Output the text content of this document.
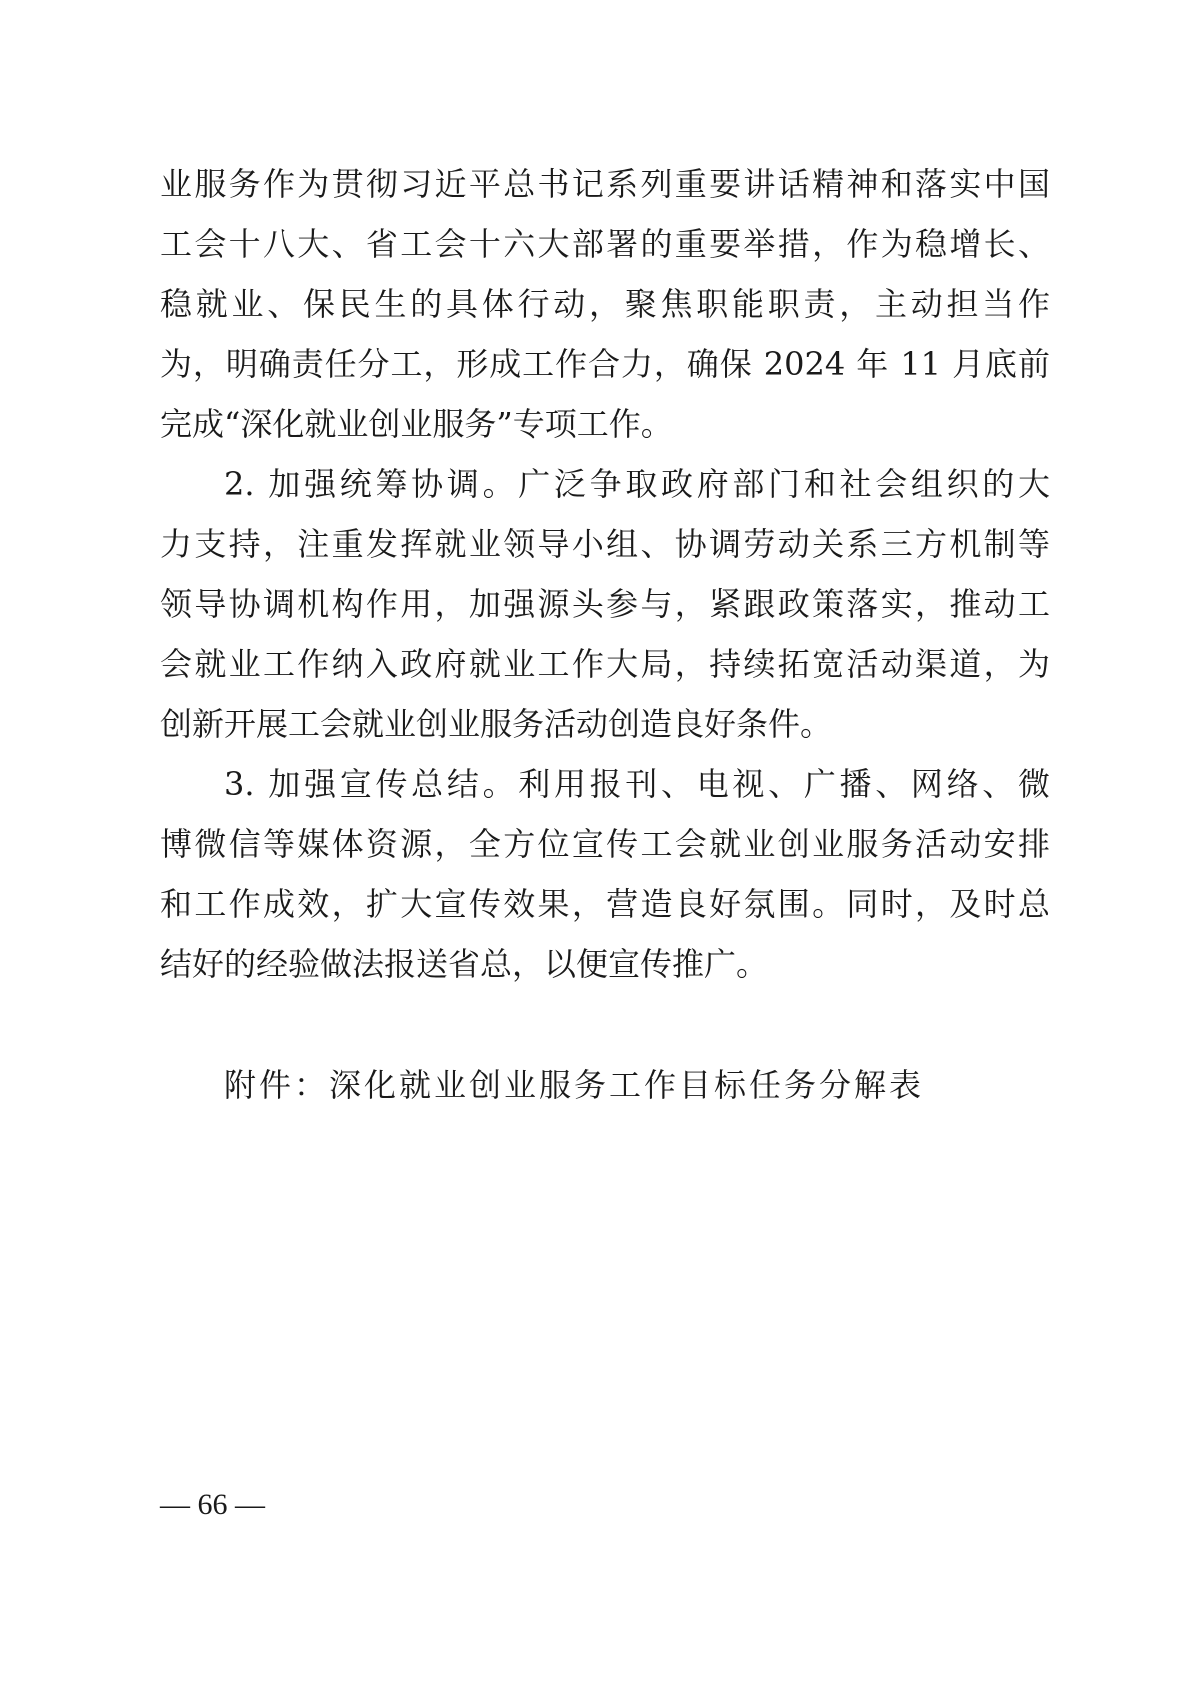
业服务作为贯彻习近平总书记系列重要讲话精神和落实中国
工会十八大、省工会十六大部署的重要举措，作为稳增长、
稳就业、保民生的具体行动，聚焦职能职责，主动担当作
为，明确责任分工，形成工作合力，确保 2024 年 11 月底前
完成“深化就业创业服务”专项工作。
2. 加强统筹协调。广泛争取政府部门和社会组织的大
力支持，注重发挥就业领导小组、协调劳动关系三方机制等
领导协调机构作用，加强源头参与，紧跟政策落实，推动工
会就业工作纳入政府就业工作大局，持续拓宽活动渠道，为
创新开展工会就业创业服务活动创造良好条件。
3. 加强宣传总结。利用报刊、电视、广播、网络、微
博微信等媒体资源，全方位宣传工会就业创业服务活动安排
和工作成效，扩大宣传效果，营造良好氛围。同时，及时总
结好的经验做法报送省总，以便宣传推广。
附件：深化就业创业服务工作目标任务分解表
— 66 —
